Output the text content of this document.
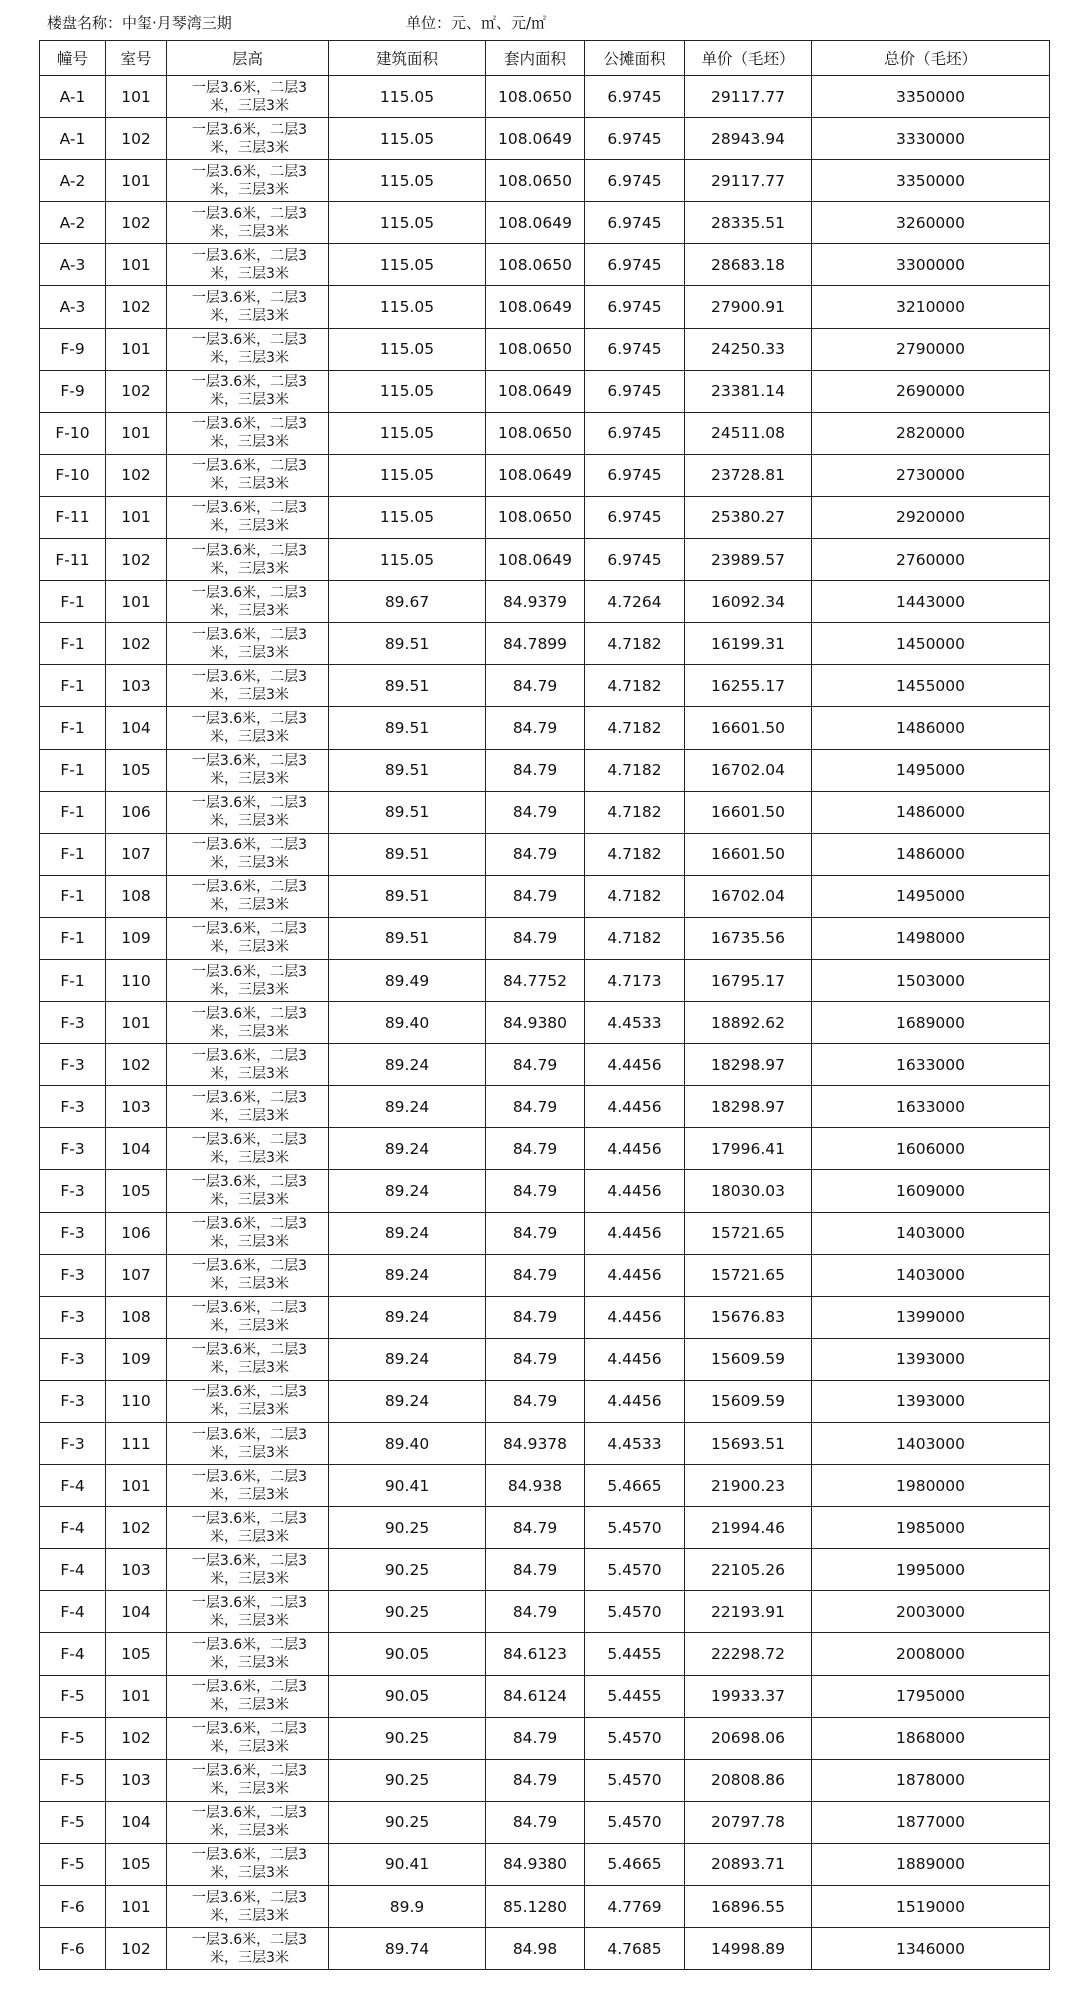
楼盘名称：中玺·月琴湾三期	单位：元、㎡、元/㎡
幢号	室号	层高	建筑面积	套内面积	公摊面积	单价（毛坯）	总价（毛坯）
A-1	101	一层3.6米，二层3米，三层3米	115.05	108.0650	6.9745	29117.77	3350000
A-1	102	一层3.6米，二层3米，三层3米	115.05	108.0649	6.9745	28943.94	3330000
A-2	101	一层3.6米，二层3米，三层3米	115.05	108.0650	6.9745	29117.77	3350000
A-2	102	一层3.6米，二层3米，三层3米	115.05	108.0649	6.9745	28335.51	3260000
A-3	101	一层3.6米，二层3米，三层3米	115.05	108.0650	6.9745	28683.18	3300000
A-3	102	一层3.6米，二层3米，三层3米	115.05	108.0649	6.9745	27900.91	3210000
F-9	101	一层3.6米，二层3米，三层3米	115.05	108.0650	6.9745	24250.33	2790000
F-9	102	一层3.6米，二层3米，三层3米	115.05	108.0649	6.9745	23381.14	2690000
F-10	101	一层3.6米，二层3米，三层3米	115.05	108.0650	6.9745	24511.08	2820000
F-10	102	一层3.6米，二层3米，三层3米	115.05	108.0649	6.9745	23728.81	2730000
F-11	101	一层3.6米，二层3米，三层3米	115.05	108.0650	6.9745	25380.27	2920000
F-11	102	一层3.6米，二层3米，三层3米	115.05	108.0649	6.9745	23989.57	2760000
F-1	101	一层3.6米，二层3米，三层3米	89.67	84.9379	4.7264	16092.34	1443000
F-1	102	一层3.6米，二层3米，三层3米	89.51	84.7899	4.7182	16199.31	1450000
F-1	103	一层3.6米，二层3米，三层3米	89.51	84.79	4.7182	16255.17	1455000
F-1	104	一层3.6米，二层3米，三层3米	89.51	84.79	4.7182	16601.50	1486000
F-1	105	一层3.6米，二层3米，三层3米	89.51	84.79	4.7182	16702.04	1495000
F-1	106	一层3.6米，二层3米，三层3米	89.51	84.79	4.7182	16601.50	1486000
F-1	107	一层3.6米，二层3米，三层3米	89.51	84.79	4.7182	16601.50	1486000
F-1	108	一层3.6米，二层3米，三层3米	89.51	84.79	4.7182	16702.04	1495000
F-1	109	一层3.6米，二层3米，三层3米	89.51	84.79	4.7182	16735.56	1498000
F-1	110	一层3.6米，二层3米，三层3米	89.49	84.7752	4.7173	16795.17	1503000
F-3	101	一层3.6米，二层3米，三层3米	89.40	84.9380	4.4533	18892.62	1689000
F-3	102	一层3.6米，二层3米，三层3米	89.24	84.79	4.4456	18298.97	1633000
F-3	103	一层3.6米，二层3米，三层3米	89.24	84.79	4.4456	18298.97	1633000
F-3	104	一层3.6米，二层3米，三层3米	89.24	84.79	4.4456	17996.41	1606000
F-3	105	一层3.6米，二层3米，三层3米	89.24	84.79	4.4456	18030.03	1609000
F-3	106	一层3.6米，二层3米，三层3米	89.24	84.79	4.4456	15721.65	1403000
F-3	107	一层3.6米，二层3米，三层3米	89.24	84.79	4.4456	15721.65	1403000
F-3	108	一层3.6米，二层3米，三层3米	89.24	84.79	4.4456	15676.83	1399000
F-3	109	一层3.6米，二层3米，三层3米	89.24	84.79	4.4456	15609.59	1393000
F-3	110	一层3.6米，二层3米，三层3米	89.24	84.79	4.4456	15609.59	1393000
F-3	111	一层3.6米，二层3米，三层3米	89.40	84.9378	4.4533	15693.51	1403000
F-4	101	一层3.6米，二层3米，三层3米	90.41	84.938	5.4665	21900.23	1980000
F-4	102	一层3.6米，二层3米，三层3米	90.25	84.79	5.4570	21994.46	1985000
F-4	103	一层3.6米，二层3米，三层3米	90.25	84.79	5.4570	22105.26	1995000
F-4	104	一层3.6米，二层3米，三层3米	90.25	84.79	5.4570	22193.91	2003000
F-4	105	一层3.6米，二层3米，三层3米	90.05	84.6123	5.4455	22298.72	2008000
F-5	101	一层3.6米，二层3米，三层3米	90.05	84.6124	5.4455	19933.37	1795000
F-5	102	一层3.6米，二层3米，三层3米	90.25	84.79	5.4570	20698.06	1868000
F-5	103	一层3.6米，二层3米，三层3米	90.25	84.79	5.4570	20808.86	1878000
F-5	104	一层3.6米，二层3米，三层3米	90.25	84.79	5.4570	20797.78	1877000
F-5	105	一层3.6米，二层3米，三层3米	90.41	84.9380	5.4665	20893.71	1889000
F-6	101	一层3.6米，二层3米，三层3米	89.9	85.1280	4.7769	16896.55	1519000
F-6	102	一层3.6米，二层3米，三层3米	89.74	84.98	4.7685	14998.89	1346000
